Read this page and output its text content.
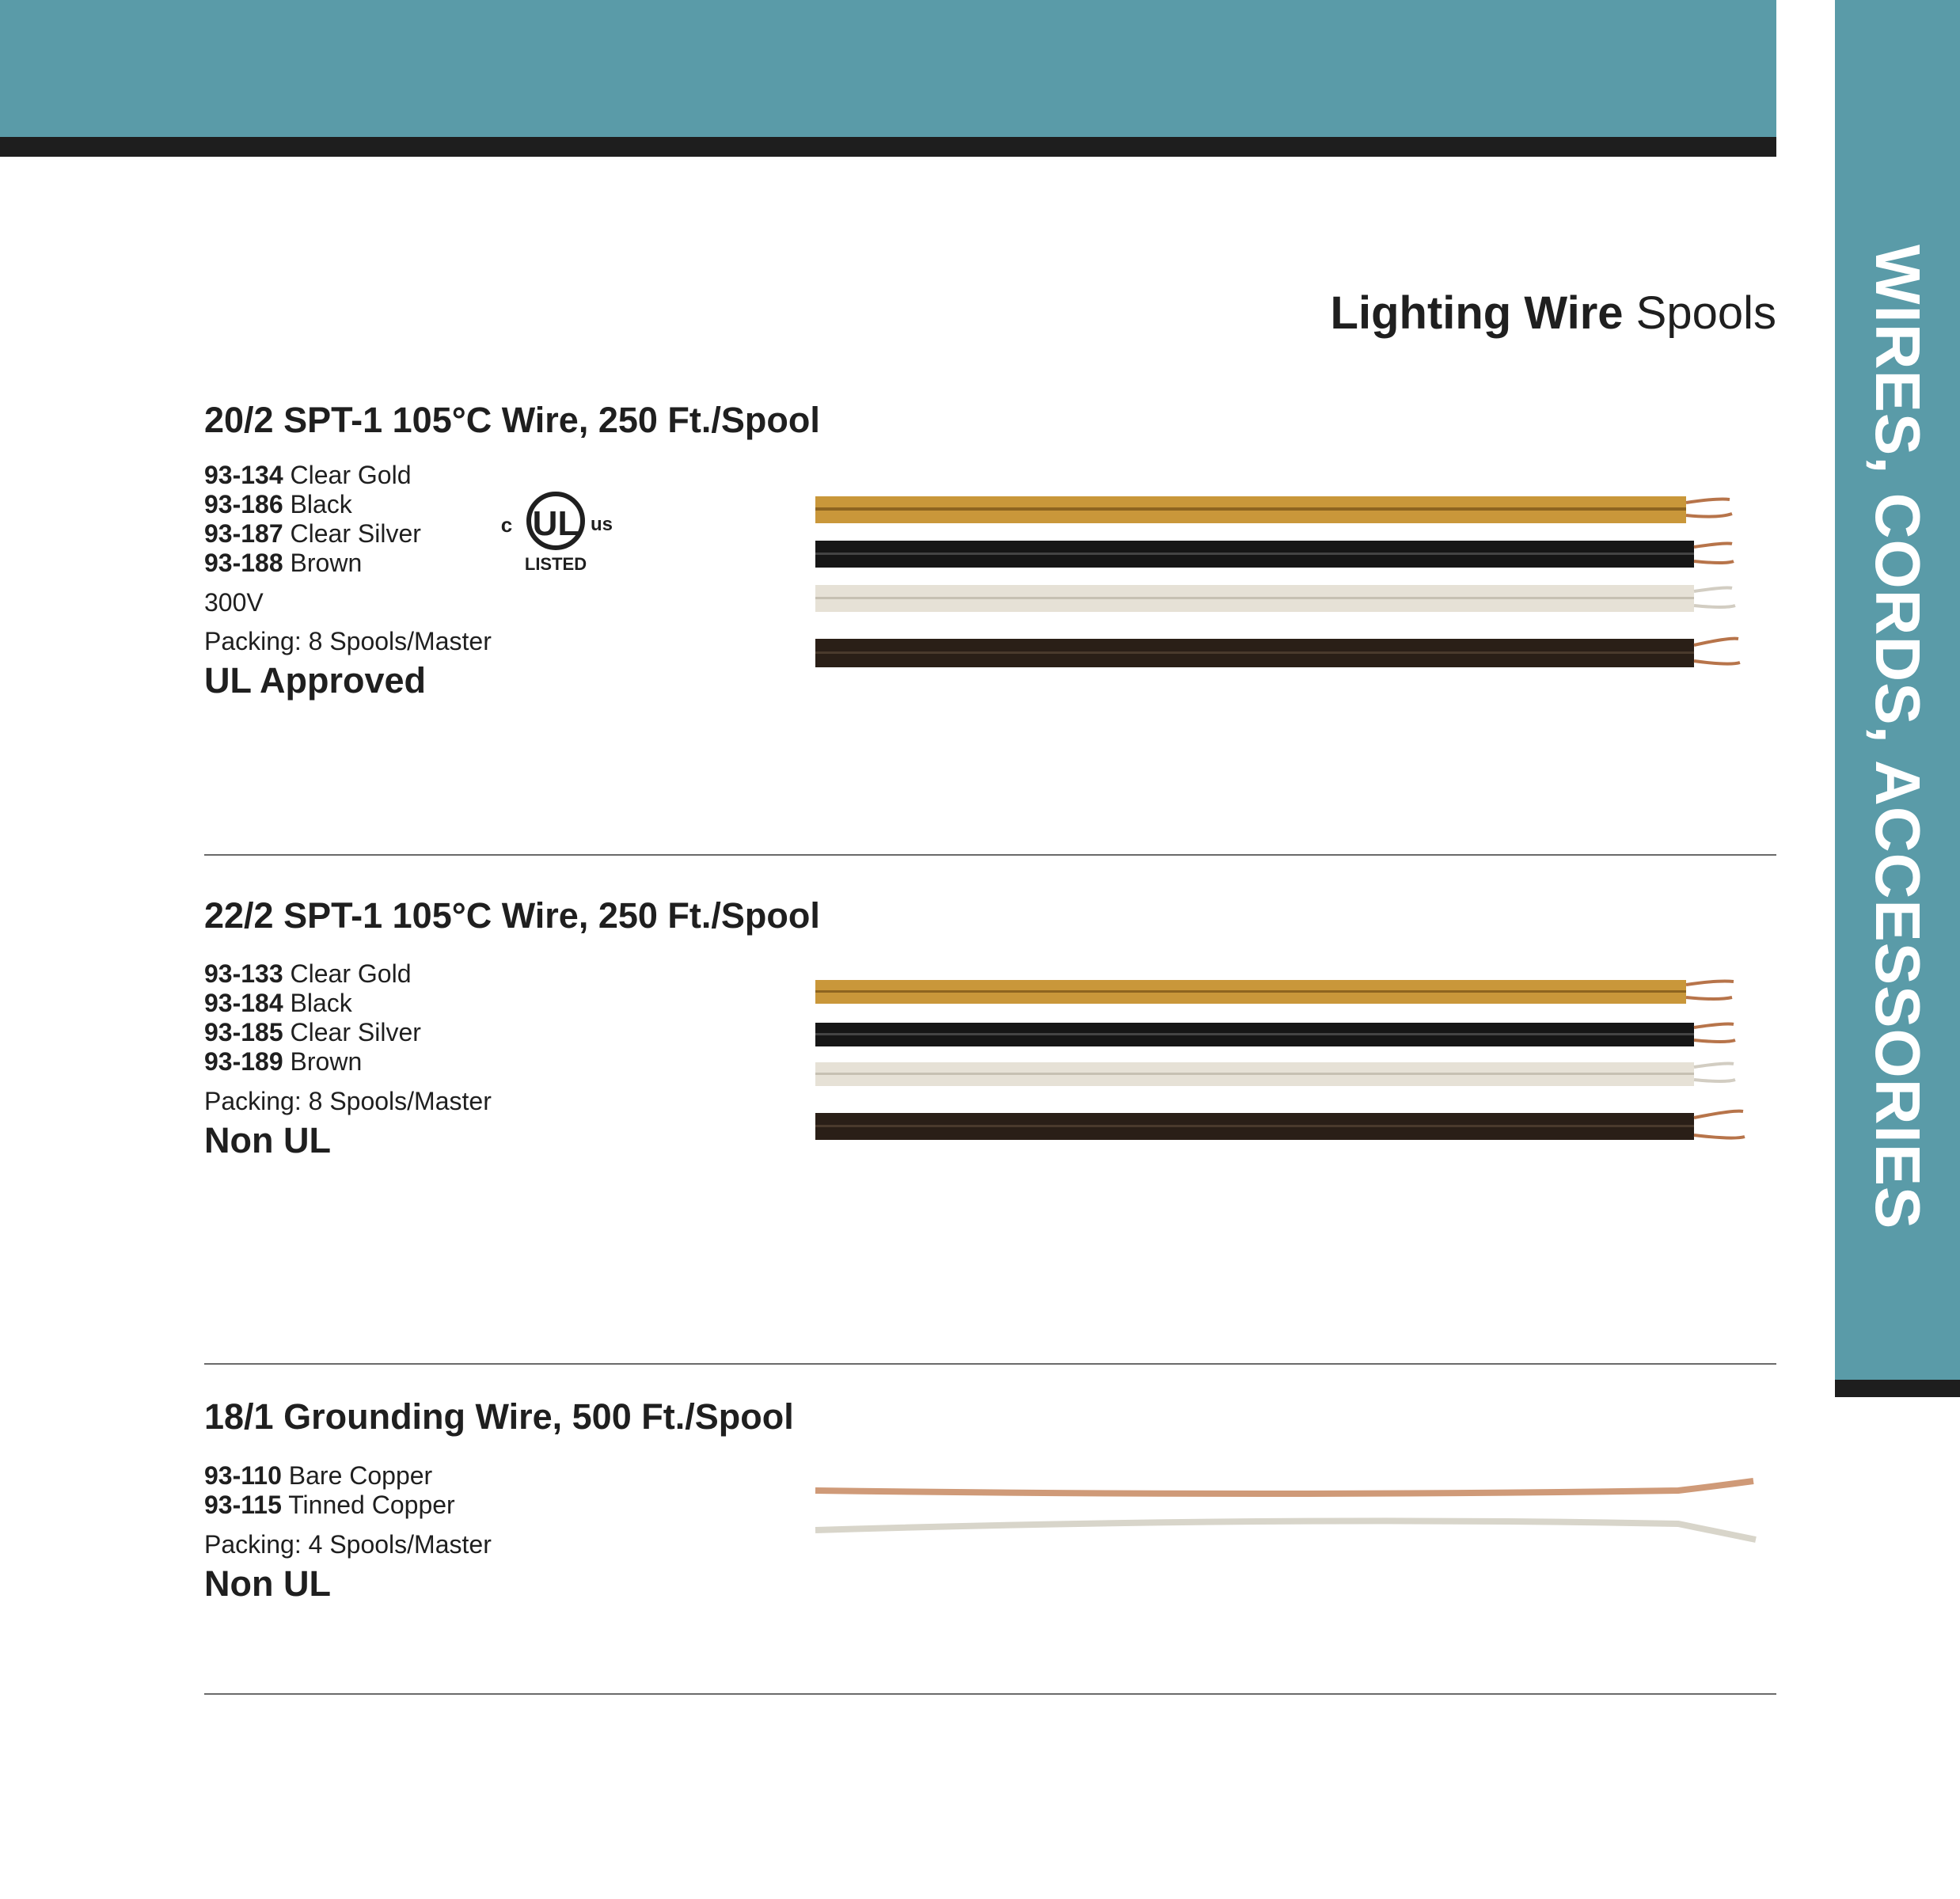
WIRES, CORDS, ACCESSORIES
Lighting Wire Spools
20/2 SPT-1 105°C Wire, 250 Ft./Spool
93-134 Clear Gold
93-186 Black
93-187 Clear Silver
93-188 Brown
300V
Packing: 8 Spools/Master
UL Approved
UL
c	us
LISTED
22/2 SPT-1 105°C Wire, 250 Ft./Spool
93-133 Clear Gold
93-184 Black
93-185 Clear Silver
93-189 Brown
Packing: 8 Spools/Master
Non UL
18/1 Grounding Wire, 500 Ft./Spool
93-110 Bare Copper
93-115 Tinned Copper
Packing: 4 Spools/Master
Non UL
